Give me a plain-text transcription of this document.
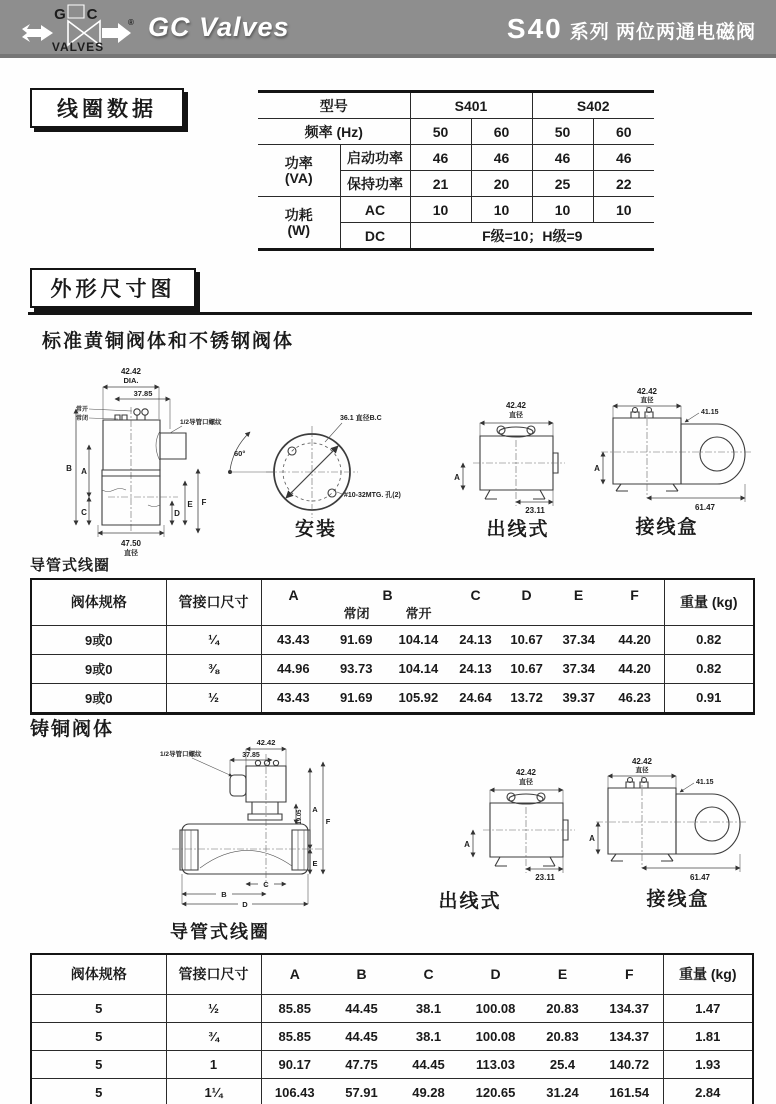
G C
VALVES
® GC Valves	S40 系列 两位两通电磁阀
线圈数据	型号		S401		S402	
频率 (Hz)		50	60	50	60

功率
(VA)	启动功率	46	46	46	46
	保持功率	21	20	25	22

功耗
(W)	AC	10	10	10	10
	DC	F级=10；H级=9			
外形尺寸图
标准黄铜阀体和不锈钢阀体
42.42
DIA.
37.85
常开
常闭	1/2导管口螺纹
47.50
直径
B A
C	D
E F
60°
36.1 直径B.C
#10-32MTG. 孔(2)
42.42
直径
23.11
A
42.42
直径
41.15
61.47
A
安装	出线式	接线盒
导管式线圈
阀体规格	管接口尺寸	A	B
常闭	常开
C	D	E	F	重量 (kg)
9或0	¼	43.43	91.69	104.14	24.13	10.67	37.34	44.20	0.82
9或0	⅜	44.96	93.73	104.14	24.13	10.67	37.34	44.20	0.82
9或0	½	43.43	91.69	105.92	24.64	13.72	39.37	46.23	0.91
铸铜阀体
42.42
37.85
1/2导管口螺纹
19.05 A
F
E
C
B
D
42.42
直径
23.11
A
42.42
直径
41.15
61.47
A
出线式	接线盒
导管式线圈
阀体规格	管接口尺寸	A	B	C	D	E	F	重量 (kg)
5	½	85.85	44.45	38.1	100.08	20.83	134.37	1.47
5	¾	85.85	44.45	38.1	100.08	20.83	134.37	1.81
5	1	90.17	47.75	44.45	113.03	25.4	140.72	1.93
5	1¼	106.43	57.91	49.28	120.65	31.24	161.54	2.84
